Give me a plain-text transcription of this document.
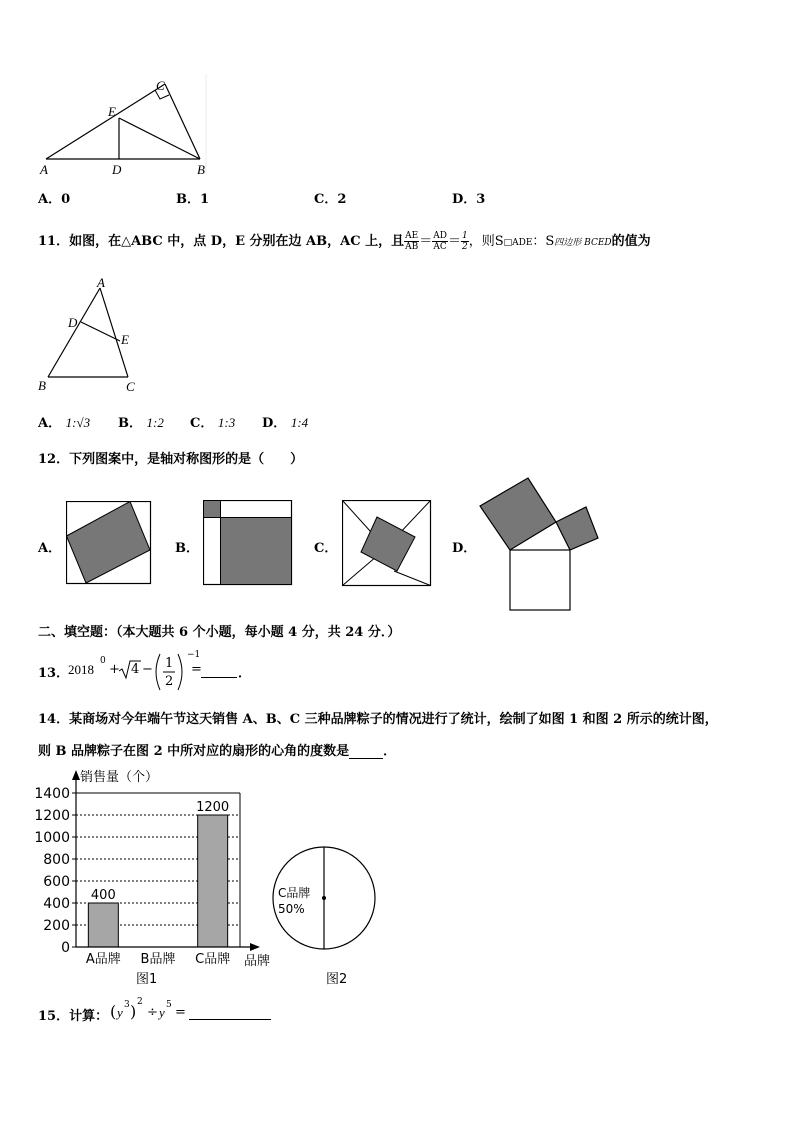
C
E
A	D	B
A．0	B．1	C．2	D．3
11．如图，在△ABC 中，点 D，E 分别在边 AB，AC 上，且 $\frac{AE}{AB} = \frac{AD}{AC} = \frac{1}{2}$ ，则S□ADE：S四边形 BCED的值为
A
D
E
B	C
A． 1:√3 B． 1:2 C． 1:3 D． 1:4
12．下列图案中，是轴对称图形的是（　　）
A．	B．	C．	D．
二、填空题：（本大题共 6 个小题，每小题 4 分，共 24 分．）
13．
2018
0
+ 4 − 1
2
−1
=	．
14．某商场对今年端午节这天销售 A、B、C 三种品牌粽子的情况进行了统计，绘制了如图 1 和图 2 所示的统计图，
则 B 品牌粽子在图 2 中所对应的扇形的心角的度数是	．
0
200
400
600
800
1000
1200
1400
400
A品牌 B品牌
1200
C品牌
销售量（个）
品牌
图1
C品牌
50%
图2
15．计算： ( y 3 ) 2
÷ y 5 =
